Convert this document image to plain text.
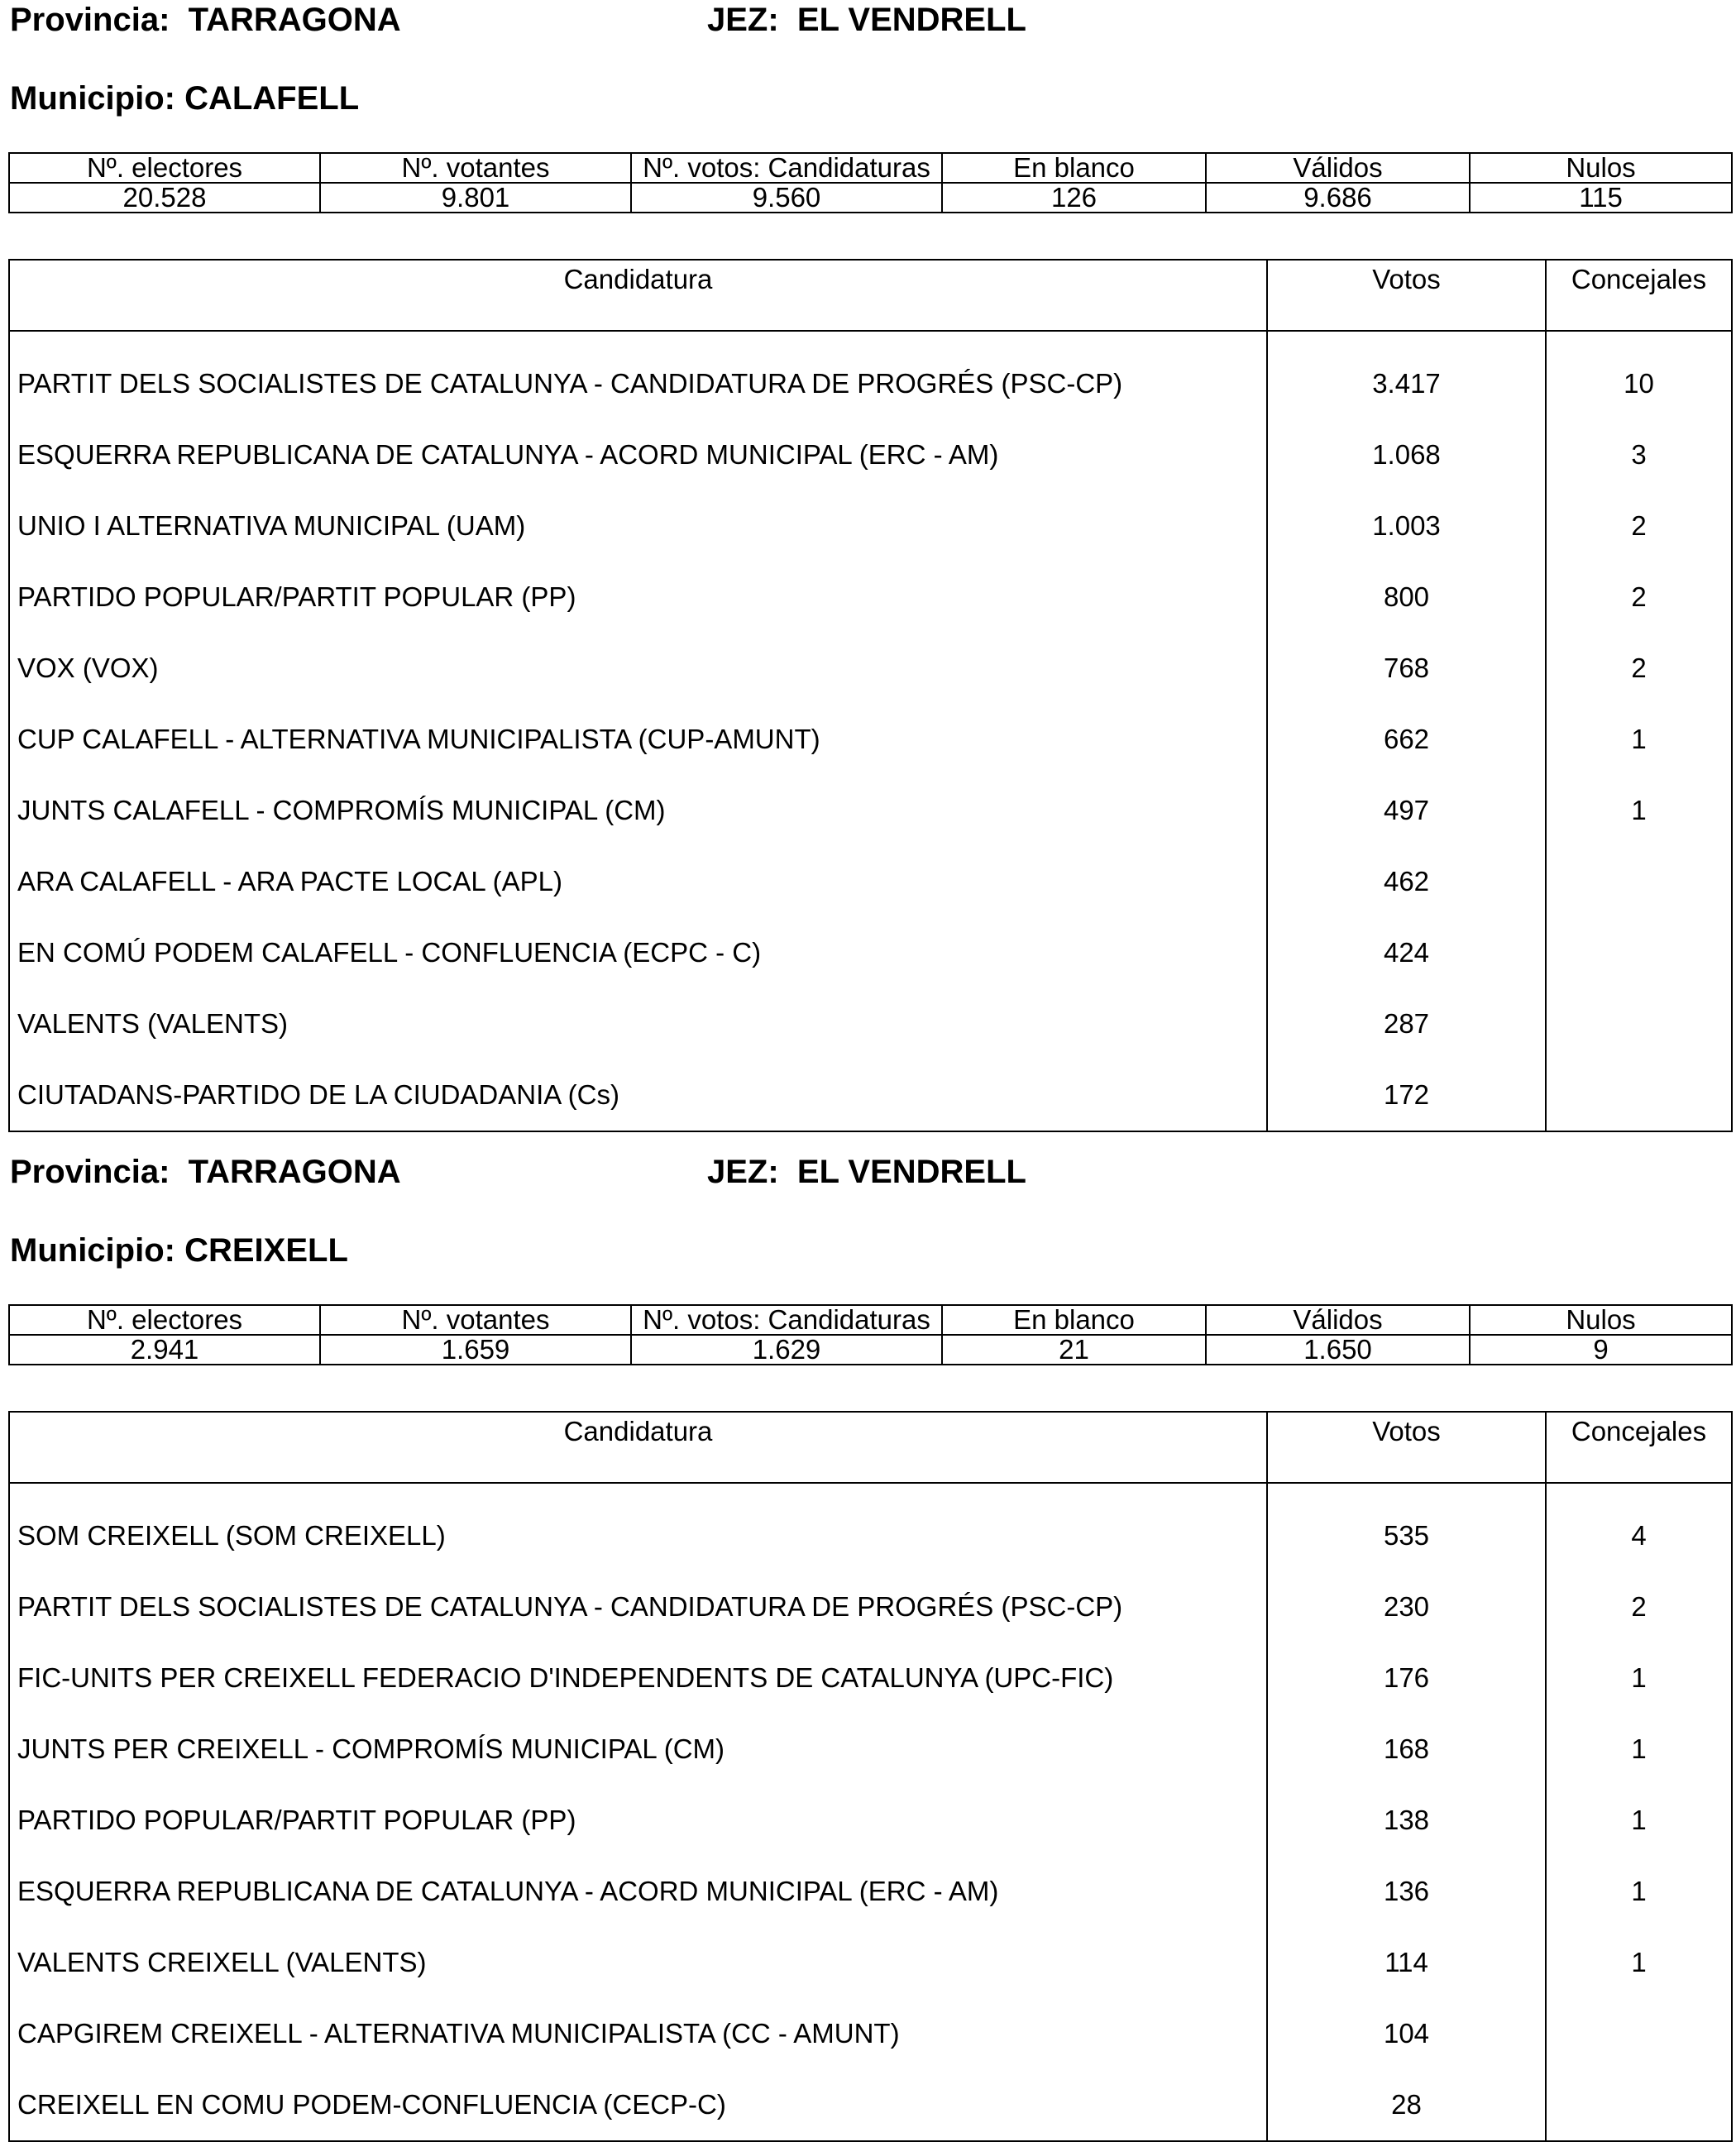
Provincia:  TARRAGONA	JEZ:  EL VENDRELL
Municipio: CALAFELL
Nº. electores	Nº. votantes	Nº. votos: Candidaturas	En blanco	Válidos	Nulos
20.528	9.801	9.560	126	9.686	115
Candidatura	Votos	Concejales
PARTIT DELS SOCIALISTES DE CATALUNYA - CANDIDATURA DE PROGRÉS (PSC-CP)	3.417	10
ESQUERRA REPUBLICANA DE CATALUNYA - ACORD MUNICIPAL (ERC - AM)	1.068	3
UNIO I ALTERNATIVA MUNICIPAL (UAM)	1.003	2
PARTIDO POPULAR/PARTIT POPULAR (PP)	800	2
VOX (VOX)	768	2
CUP CALAFELL - ALTERNATIVA MUNICIPALISTA (CUP-AMUNT)	662	1
JUNTS CALAFELL - COMPROMÍS MUNICIPAL (CM)	497	1
ARA CALAFELL - ARA PACTE LOCAL (APL)	462	
EN COMÚ PODEM CALAFELL - CONFLUENCIA (ECPC - C)	424	
VALENTS (VALENTS)	287	
CIUTADANS-PARTIDO DE LA CIUDADANIA (Cs)	172	
Provincia:  TARRAGONA	JEZ:  EL VENDRELL
Municipio: CREIXELL
Nº. electores	Nº. votantes	Nº. votos: Candidaturas	En blanco	Válidos	Nulos
2.941	1.659	1.629	21	1.650	9
Candidatura	Votos	Concejales
SOM CREIXELL (SOM CREIXELL)	535	4
PARTIT DELS SOCIALISTES DE CATALUNYA - CANDIDATURA DE PROGRÉS (PSC-CP)	230	2
FIC-UNITS PER CREIXELL FEDERACIO D'INDEPENDENTS DE CATALUNYA (UPC-FIC)	176	1
JUNTS PER CREIXELL - COMPROMÍS MUNICIPAL (CM)	168	1
PARTIDO POPULAR/PARTIT POPULAR (PP)	138	1
ESQUERRA REPUBLICANA DE CATALUNYA - ACORD MUNICIPAL (ERC - AM)	136	1
VALENTS CREIXELL (VALENTS)	114	1
CAPGIREM CREIXELL - ALTERNATIVA MUNICIPALISTA (CC - AMUNT)	104	
CREIXELL EN COMU PODEM-CONFLUENCIA (CECP-C)	28	
